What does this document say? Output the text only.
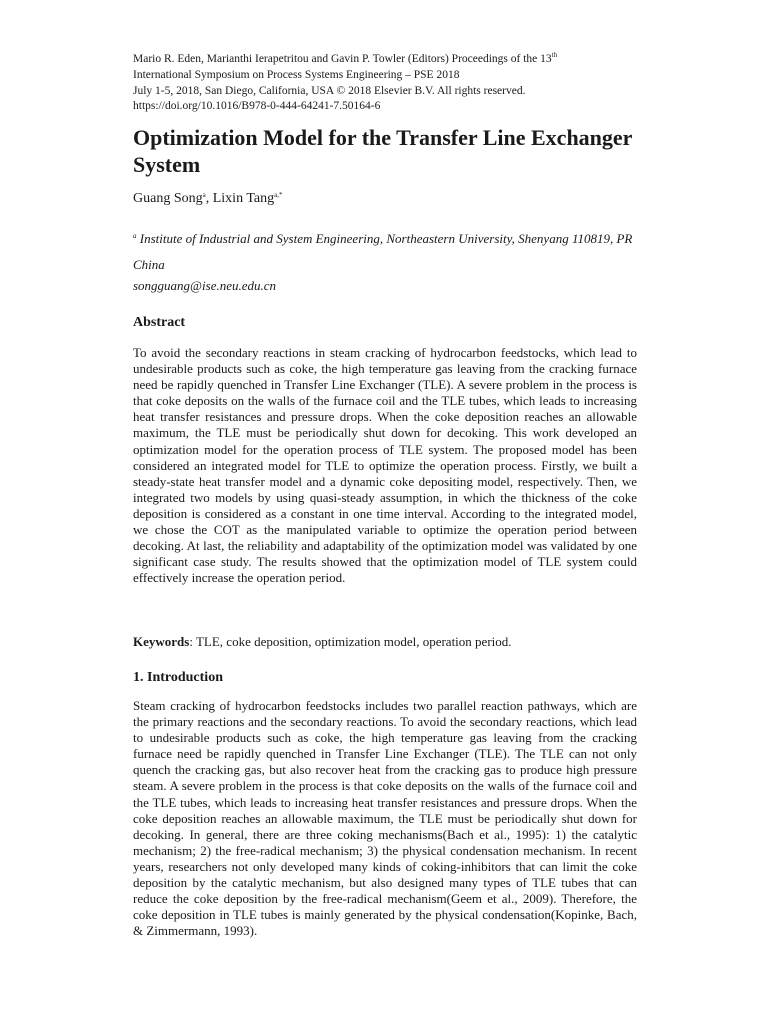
Mario R. Eden, Marianthi Ierapetritou and Gavin P. Towler (Editors) Proceedings of the 13th
International Symposium on Process Systems Engineering – PSE 2018
July 1-5, 2018, San Diego, California, USA © 2018 Elsevier B.V. All rights reserved.
https://doi.org/10.1016/B978-0-444-64241-7.50164-6
Optimization Model for the Transfer Line Exchanger System
Guang Song$^a$, Lixin Tang$^{a,*}$
$^a$ Institute of Industrial and System Engineering, Northeastern University, Shenyang 110819, PR China
songguang@ise.neu.edu.cn
Abstract
To avoid the secondary reactions in steam cracking of hydrocarbon feedstocks, which lead to undesirable products such as coke, the high temperature gas leaving from the cracking furnace need be rapidly quenched in Transfer Line Exchanger (TLE). A severe problem in the process is that coke deposits on the walls of the furnace coil and the TLE tubes, which leads to increasing heat transfer resistances and pressure drops. When the coke deposition reaches an allowable maximum, the TLE must be periodically shut down for decoking. This work developed an optimization model for the operation process of TLE system. The proposed model has been considered an integrated model for TLE to optimize the operation process. Firstly, we built a steady-state heat transfer model and a dynamic coke depositing model, respectively. Then, we integrated two models by using quasi-steady assumption, in which the thickness of the coke deposition is considered as a constant in one time interval. According to the integrated model, we chose the COT as the manipulated variable to optimize the operation period between decoking. At last, the reliability and adaptability of the optimization model was validated by one significant case study. The results showed that the optimization model of TLE system could effectively increase the operation period.
Keywords: TLE, coke deposition, optimization model, operation period.
1. Introduction
Steam cracking of hydrocarbon feedstocks includes two parallel reaction pathways, which are the primary reactions and the secondary reactions. To avoid the secondary reactions, which lead to undesirable products such as coke, the high temperature gas leaving from the cracking furnace need be rapidly quenched in Transfer Line Exchanger (TLE). The TLE can not only quench the cracking gas, but also recover heat from the cracking gas to produce high pressure steam. A severe problem in the process is that coke deposits on the walls of the furnace coil and the TLE tubes, which leads to increasing heat transfer resistances and pressure drops. When the coke deposition reaches an allowable maximum, the TLE must be periodically shut down for decoking. In general, there are three coking mechanisms(Bach et al., 1995): 1) the catalytic mechanism; 2) the free-radical mechanism; 3) the physical condensation mechanism. In recent years, researchers not only developed many kinds of coking-inhibitors that can limit the coke deposition by the catalytic mechanism, but also designed many types of TLE tubes that can reduce the coke deposition by the free-radical mechanism(Geem et al., 2009). Therefore, the coke deposition in TLE tubes is mainly generated by the physical condensation(Kopinke, Bach, & Zimmermann, 1993).
